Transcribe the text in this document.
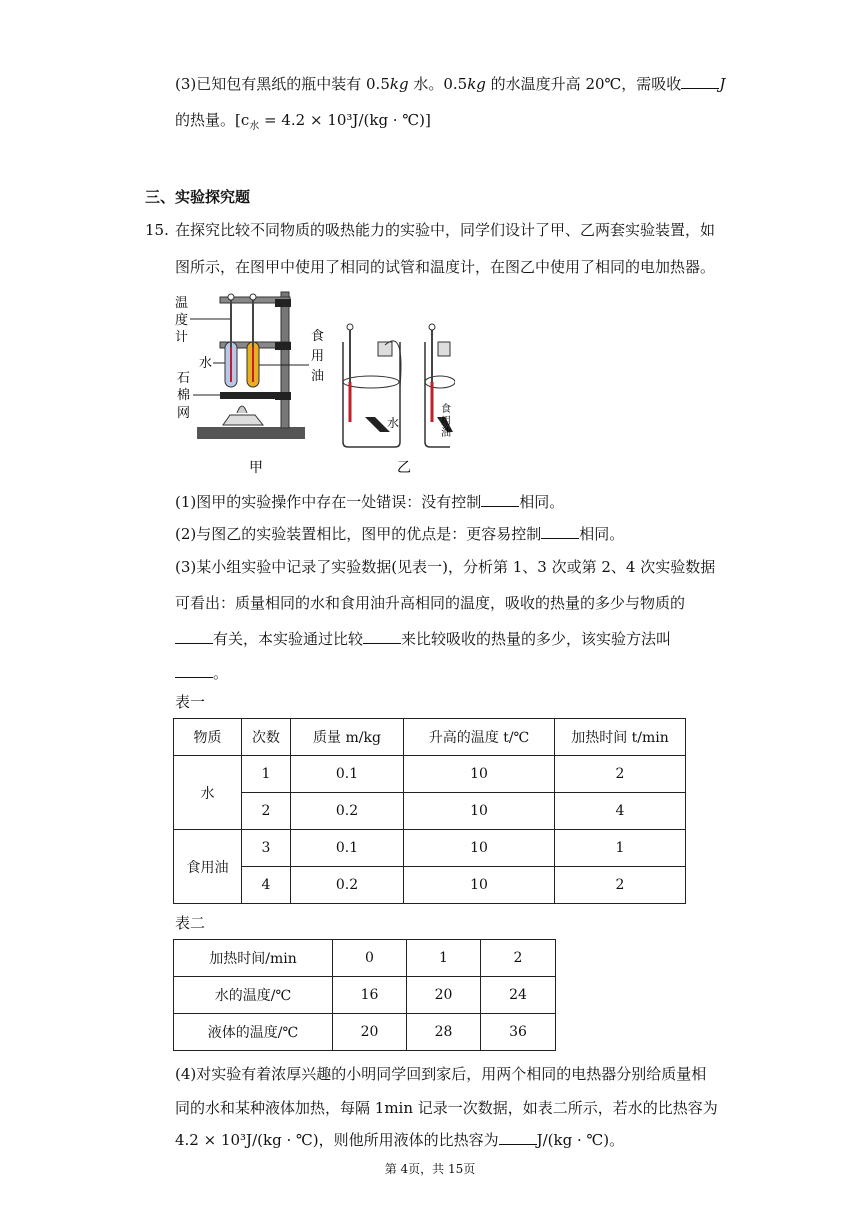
(3)已知包有黑纸的瓶中装有 0.5kg 水。0.5kg 的水温度升高 20℃，需吸收	J
的热量。[$c_水 = 4.2 \times 10^3J/(kg$ · ℃)]
三、实验探究题
15. 在探究比较不同物质的吸热能力的实验中，同学们设计了甲、乙两套实验装置，如
图所示，在图甲中使用了相同的试管和温度计，在图乙中使用了相同的电加热器。
温
度
计
水
石
棉
网
食
用
油
甲
水
食
用
油
乙
(1)图甲的实验操作中存在一处错误：没有控制	相同。
(2)与图乙的实验装置相比，图甲的优点是：更容易控制	相同。
(3)某小组实验中记录了实验数据(见表一)，分析第 1、3 次或第 2、4 次实验数据
可看出：质量相同的水和食用油升高相同的温度，吸收的热量的多少与物质的
有关，本实验通过比较	来比较吸收的热量的多少，该实验方法叫
。
表一
物质	次数	质量 m/kg	升高的温度 t/℃	加热时间 t/min
水	1	0.1	10	2
	2	0.2	10	4
食用油	3	0.1	10	1
	4	0.2	10	2
表二
加热时间/min	0	1	2
水的温度/℃	16	20	24
液体的温度/℃	20	28	36
(4)对实验有着浓厚兴趣的小明同学回到家后，用两个相同的电热器分别给质量相
同的水和某种液体加热，每隔 1min 记录一次数据，如表二所示，若水的比热容为
4.2 × 10³J/(kg · ℃)，则他所用液体的比热容为	J/(kg · ℃)。
第 4页，共 15页
